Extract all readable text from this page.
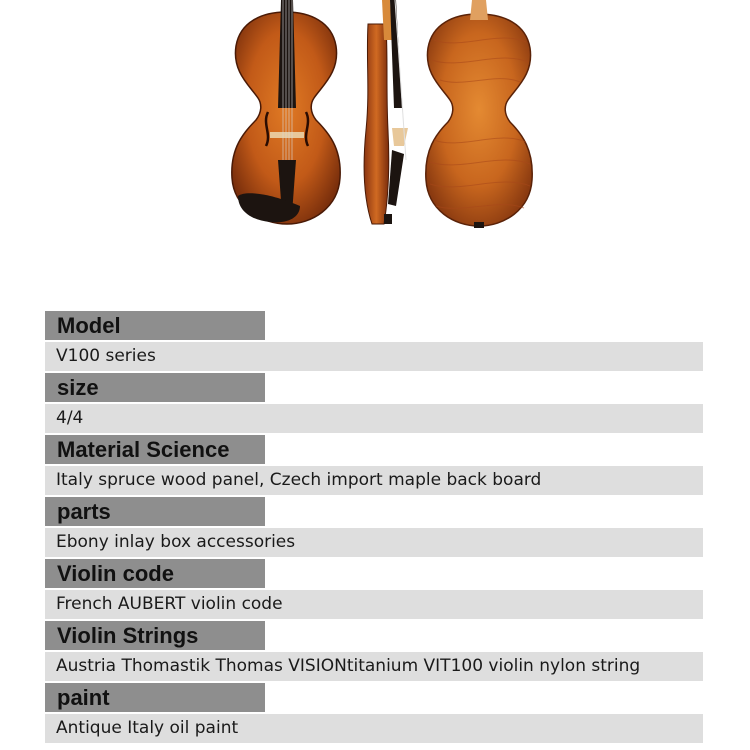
Model
V100 series
size
4/4
Material Science
Italy spruce wood panel, Czech import maple back board
parts
Ebony inlay box accessories
Violin code
French AUBERT violin code
Violin Strings
Austria Thomastik Thomas VISIONtitanium VIT100 violin nylon string
paint
Antique Italy oil paint
